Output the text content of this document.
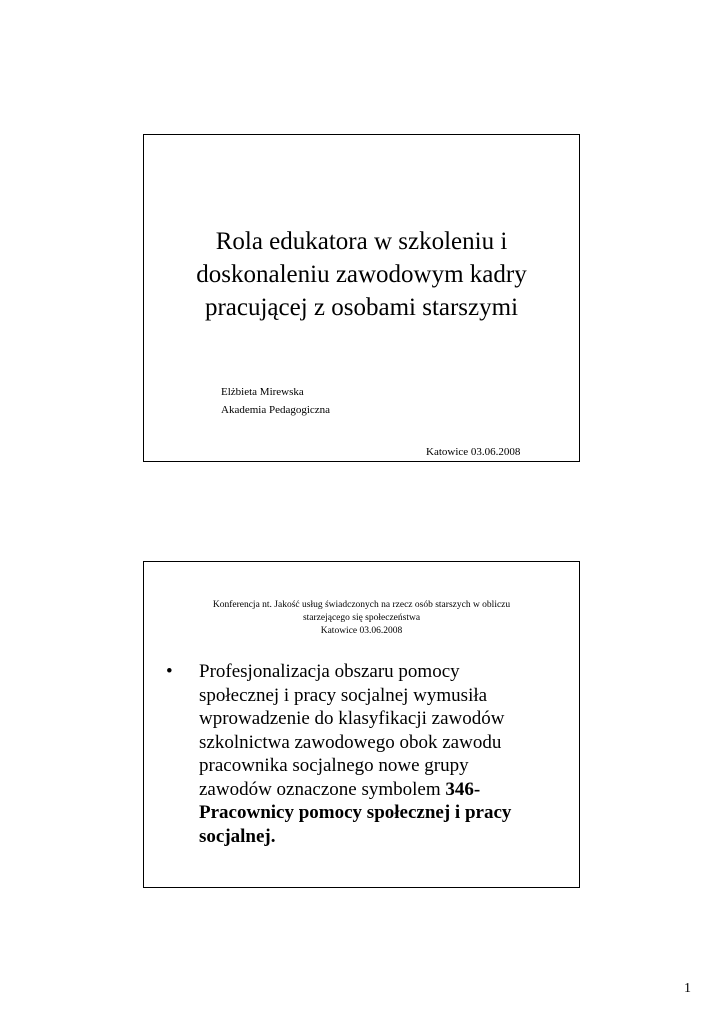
Rola edukatora w szkoleniu i
doskonaleniu zawodowym kadry
pracującej z osobami starszymi
Elżbieta Mirewska
Akademia Pedagogiczna
Katowice 03.06.2008
Konferencja nt. Jakość usług świadczonych na rzecz osób starszych w obliczu
starzejącego się społeczeństwa
Katowice 03.06.2008
• Profesjonalizacja obszaru pomocy
społecznej i pracy socjalnej wymusiła
wprowadzenie do klasyfikacji zawodów
szkolnictwa zawodowego obok zawodu
pracownika socjalnego nowe grupy
zawodów oznaczone symbolem 346-
Pracownicy pomocy społecznej i pracy
socjalnej.
1
